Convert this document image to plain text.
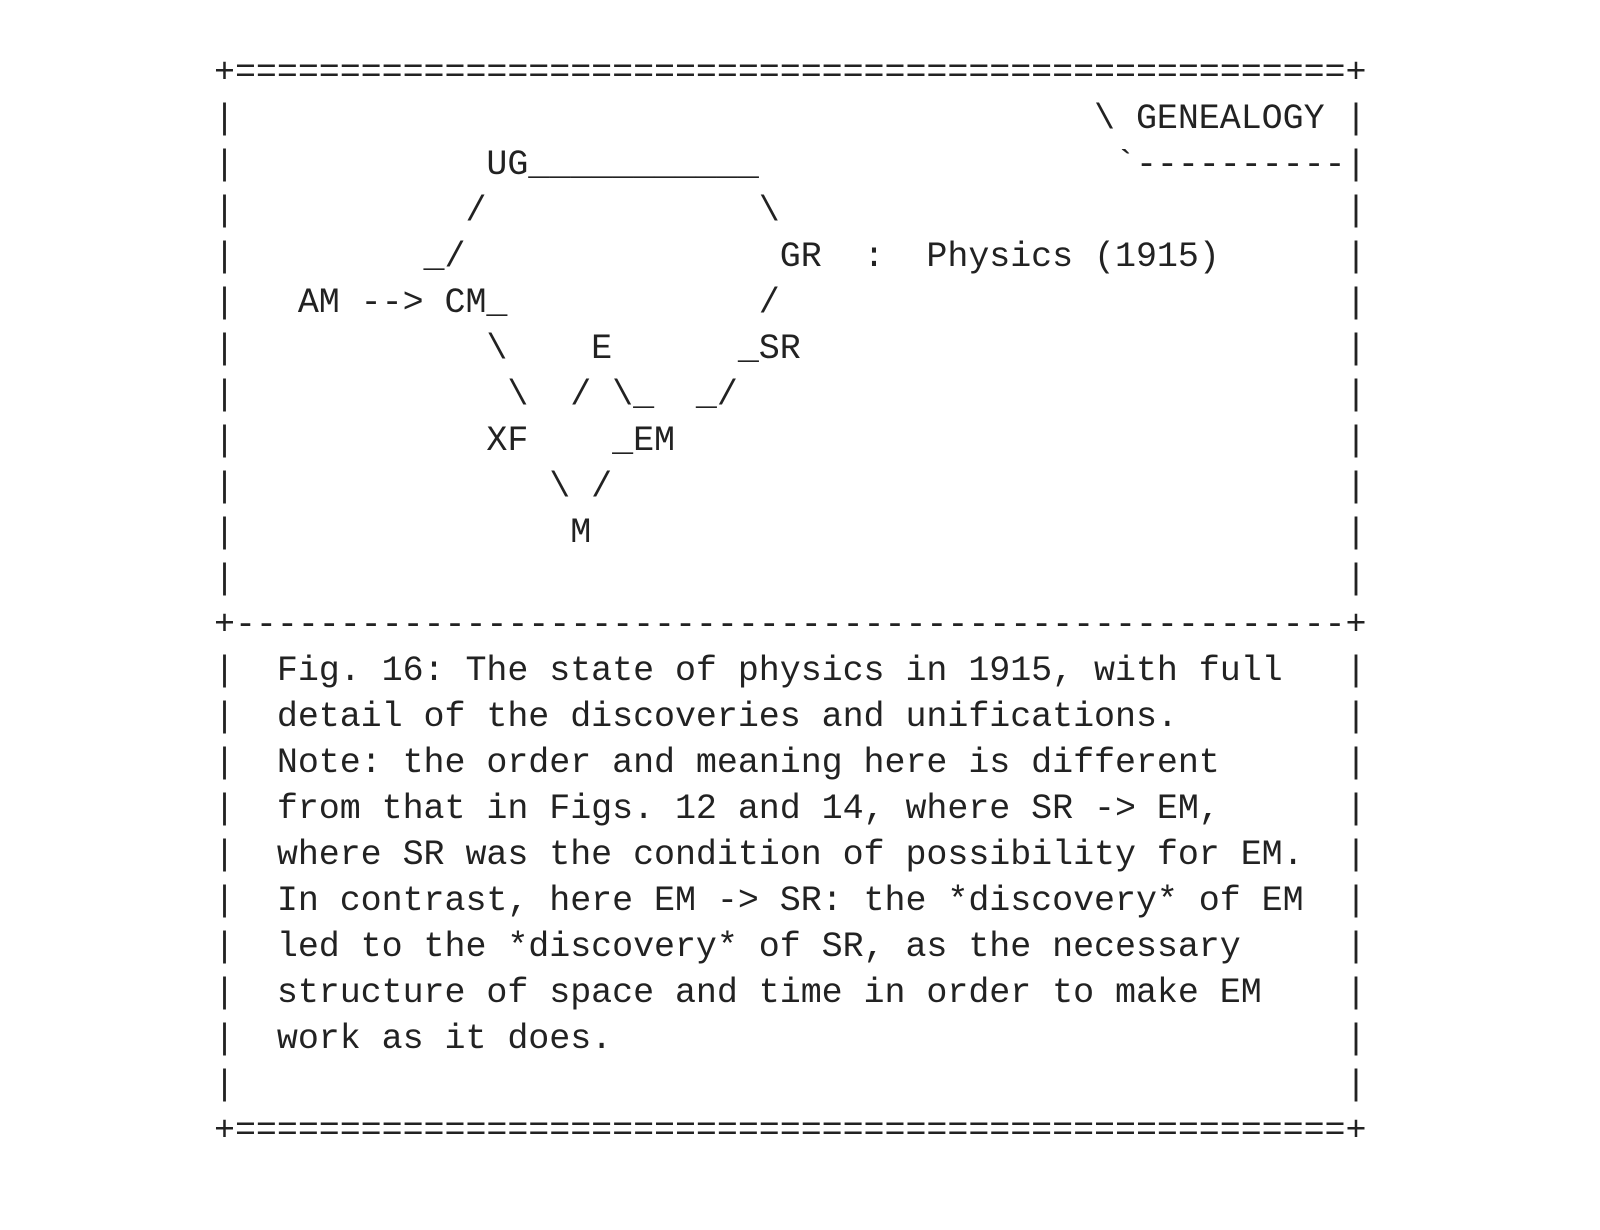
+=====================================================+
|                                         \ GENEALOGY |
|            UG___________                 `----------|
|           /             \                           |
|         _/               GR  :  Physics (1915)      |
|   AM --> CM_            /                           |
|            \    E      _SR                          |
|             \  / \_  _/                             |
|            XF    _EM                                |
|               \ /                                   |
|                M                                    |
|                                                     |
+-----------------------------------------------------+
|  Fig. 16: The state of physics in 1915, with full   |
|  detail of the discoveries and unifications.        |
|  Note: the order and meaning here is different      |
|  from that in Figs. 12 and 14, where SR -> EM,      |
|  where SR was the condition of possibility for EM.  |
|  In contrast, here EM -> SR: the *discovery* of EM  |
|  led to the *discovery* of SR, as the necessary     |
|  structure of space and time in order to make EM    |
|  work as it does.                                   |
|                                                     |
+=====================================================+
